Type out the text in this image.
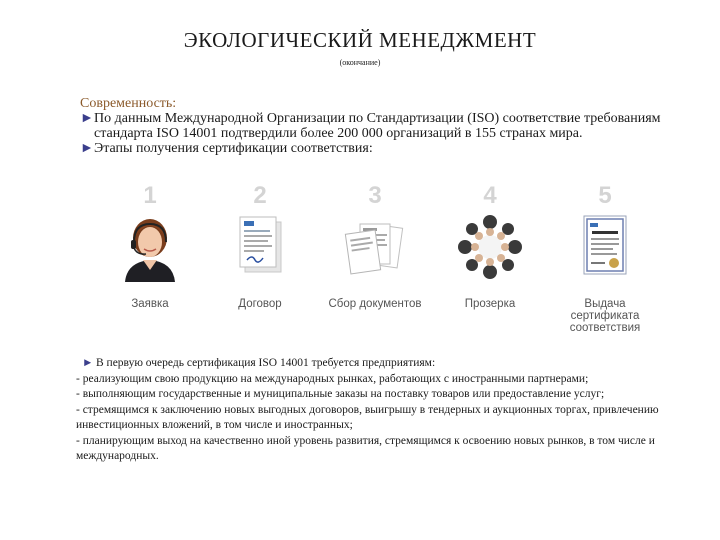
ЭКОЛОГИЧЕСКИЙ МЕНЕДЖМЕНТ
(окончание)
Современность:
► По данным Международной Организации по Стандартизации (ISO) соответствие требованиям стандарта ISO 14001 подтвердили более 200 000 организаций в 155 странах мира.
► Этапы получения сертификации соответствия:
1
Заявка
2
Договор
3
Сбор документов
4
Прозерка
5
Выдача сертификата соответствия
► В первую очередь сертификация ISO 14001 требуется предприятиям:

- реализующим свою продукцию на международных рынках, работающих с иностранными партнерами;

- выполняющим государственные и муниципальные заказы на поставку товаров или предоставление услуг;

- стремящимся к заключению новых выгодных договоров, выигрышу в тендерных и аукционных торгах, привлечению инвестиционных вложений, в том числе и иностранных;

- планирующим выход на качественно иной уровень развития, стремящимся к освоению новых рынков, в том числе и международных.
